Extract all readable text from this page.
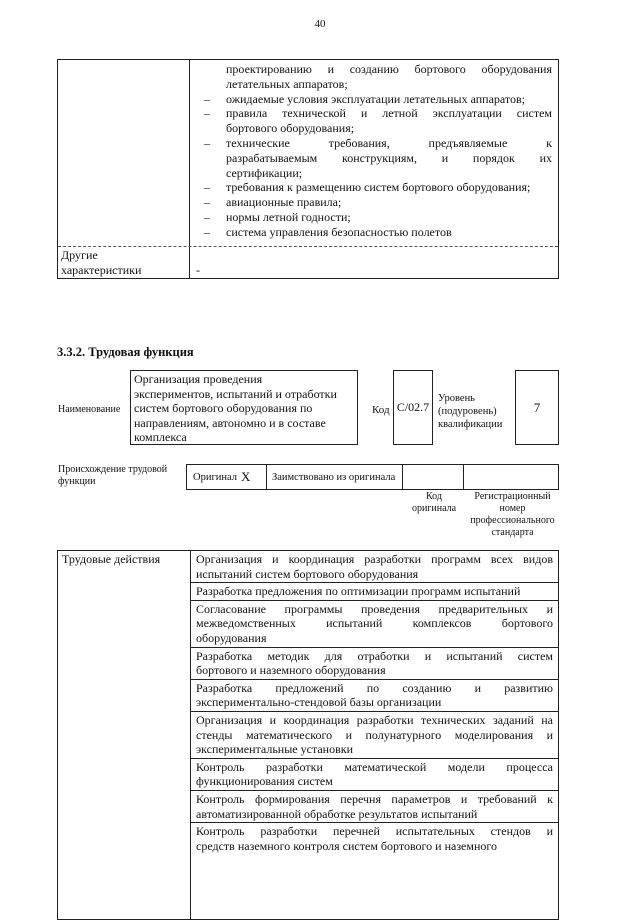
40
проектированию и созданию бортового оборудования
летательных аппаратов;
– ожидаемые условия эксплуатации летательных аппаратов;
– правила технической и летной эксплуатации систем
бортового оборудования;
– технические требования, предъявляемые к
разрабатываемым конструкциям, и порядок их
сертификации;
– требования к размещению систем бортового оборудования;
– авиационные правила;
– нормы летной годности;
– система управления безопасностью полетов
Другие
характеристики	-
3.3.2. Трудовая функция
Наименование
Организация проведения
экспериментов, испытаний и отработки
систем бортового оборудования по
направлениям, автономно и в составе
комплекса
Код C/02.7
Уровень
(подуровень)
квалификации
7
Происхождение трудовой
функции	Оригинал X Заимствовано из оригинала
Код
оригинала
Регистрационный
номер
профессионального
стандарта
Трудовые действия	Организация и координация разработки программ всех видов
испытаний систем бортового оборудования
Разработка предложения по оптимизации программ испытаний
Согласование программы проведения предварительных и
межведомственных испытаний комплексов бортового
оборудования
Разработка методик для отработки и испытаний систем
бортового и наземного оборудования
Разработка предложений по созданию и развитию
экспериментально-стендовой базы организации
Организация и координация разработки технических заданий на
стенды математического и полунатурного моделирования и
экспериментальные установки
Контроль разработки математической модели процесса
функционирования систем
Контроль формирования перечня параметров и требований к
автоматизированной обработке результатов испытаний
Контроль разработки перечней испытательных стендов и
средств наземного контроля систем бортового и наземного
